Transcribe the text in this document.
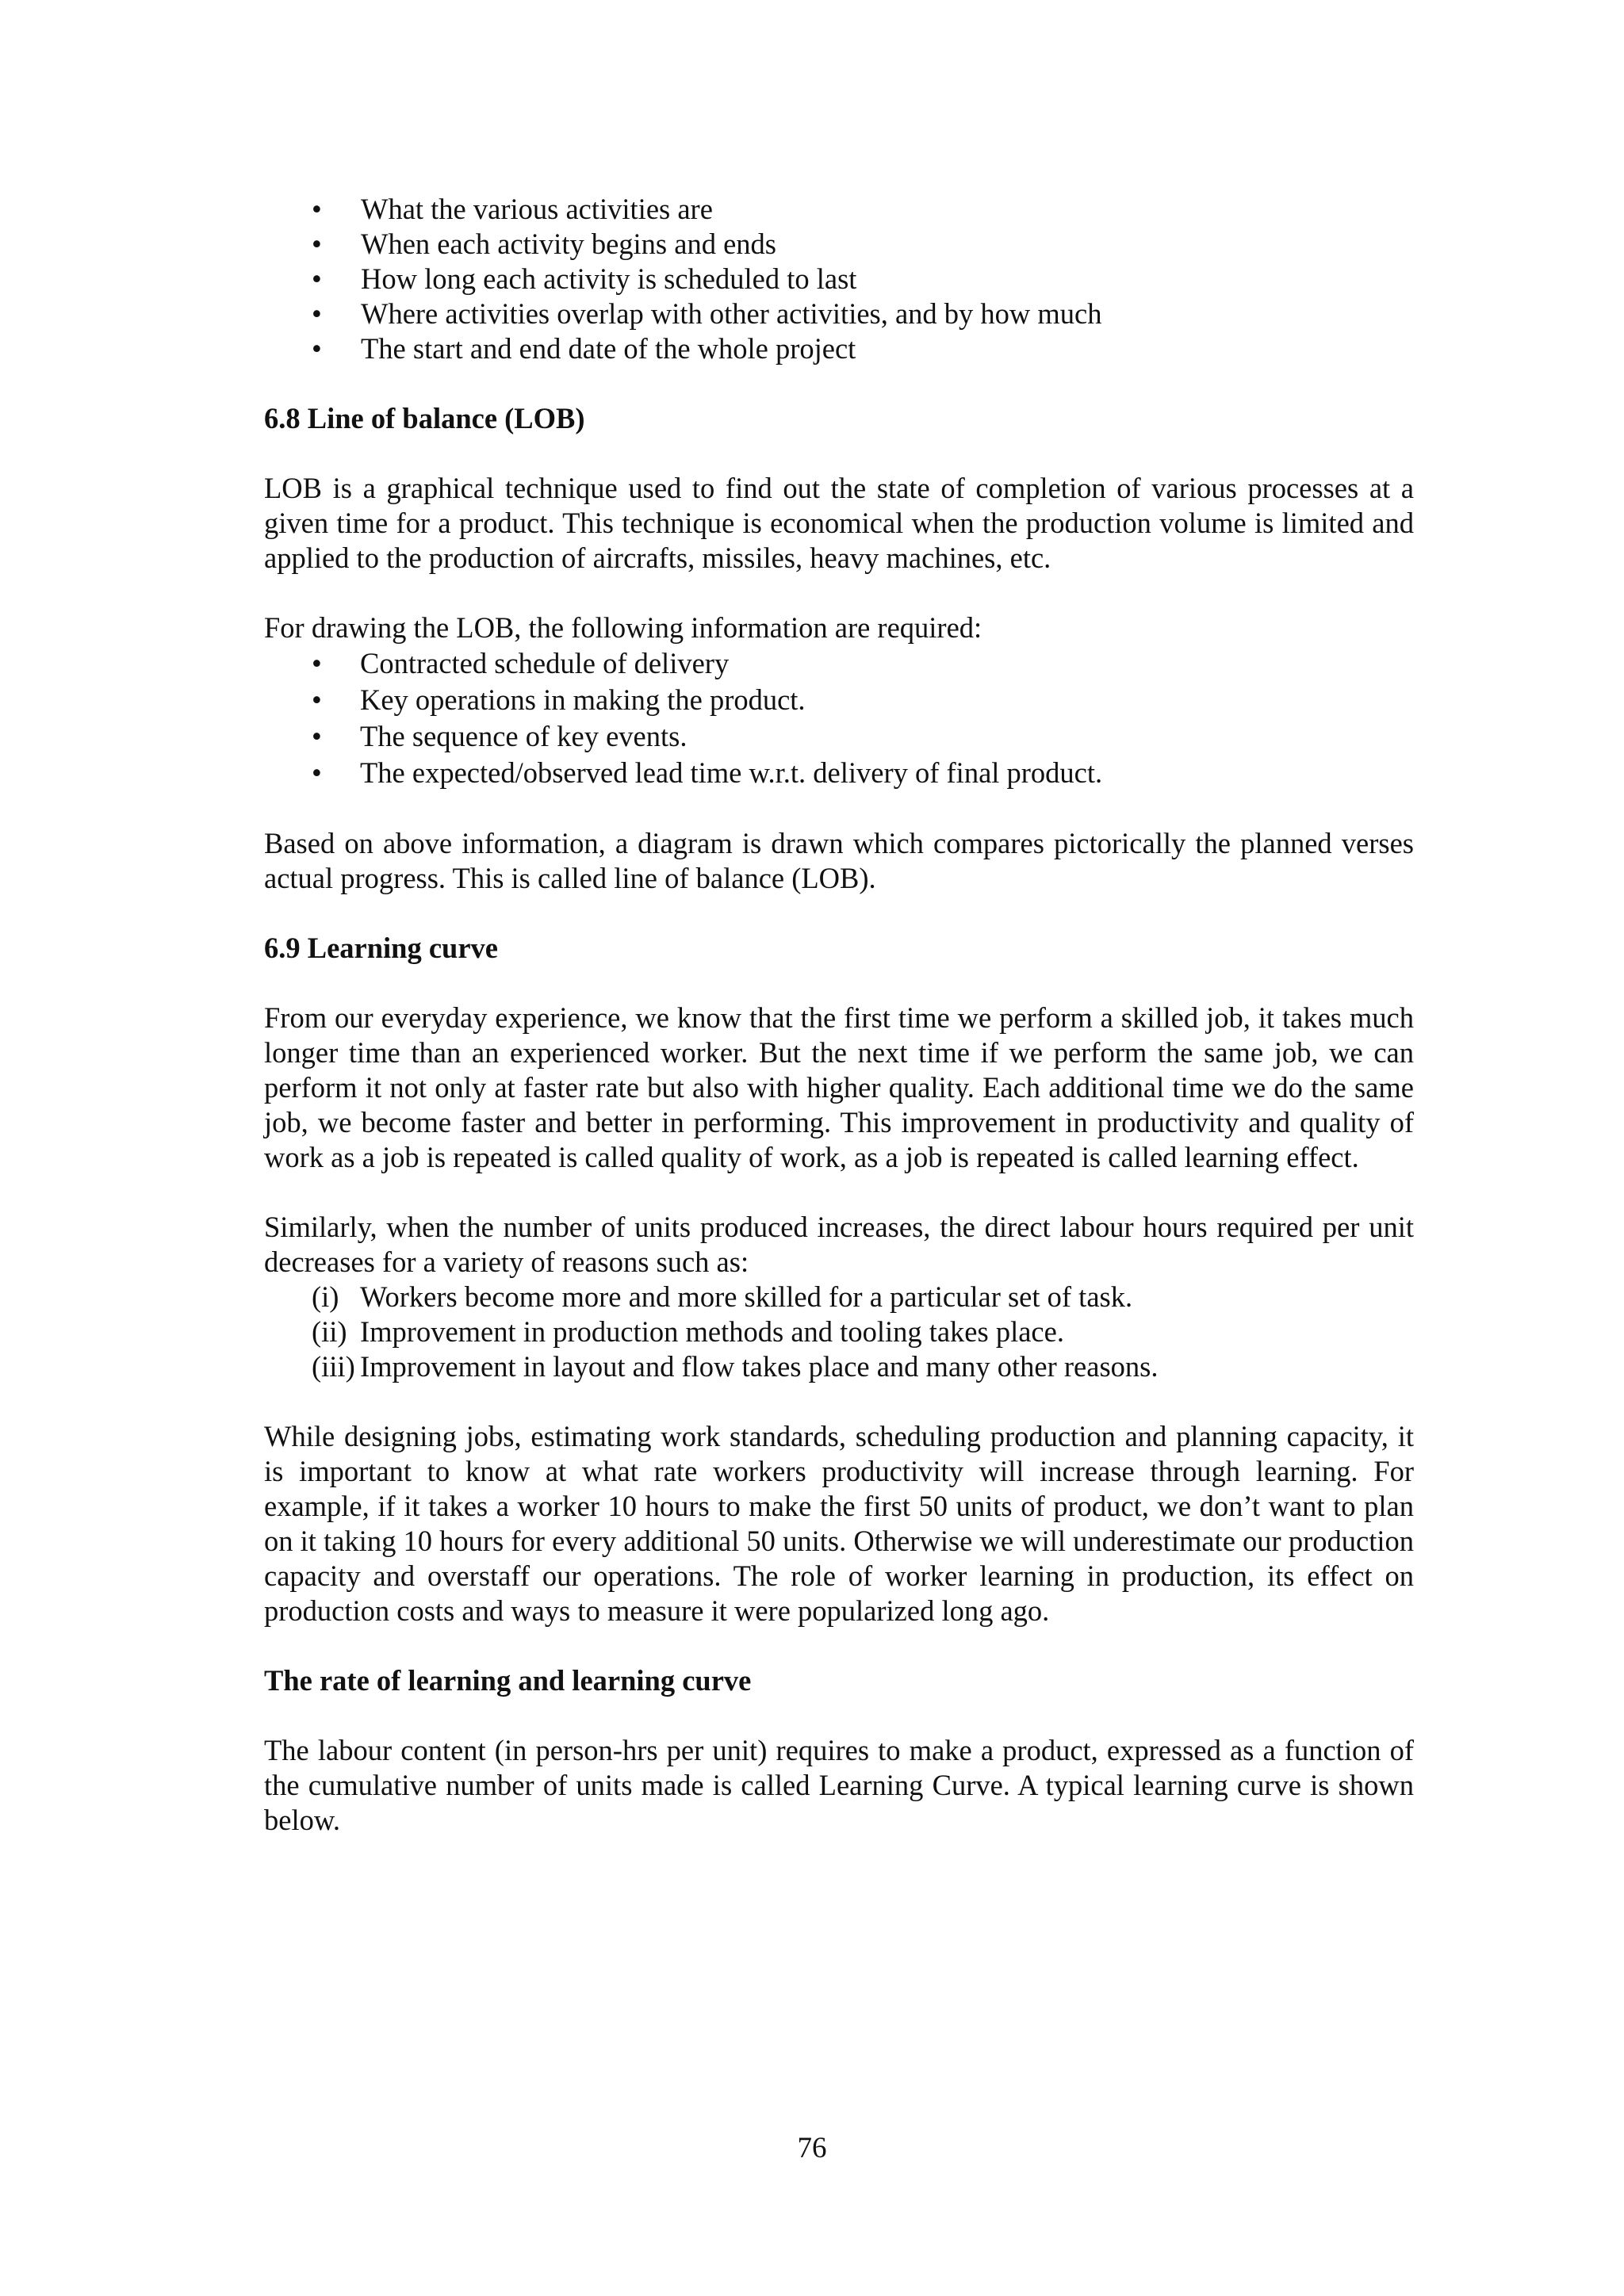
• What the various activities are
• When each activity begins and ends
• How long each activity is scheduled to last
• Where activities overlap with other activities, and by how much
• The start and end date of the whole project

6.8 Line of balance (LOB)

LOB is a graphical technique used to find out the state of completion of various processes at a given time for a product. This technique is economical when the production volume is limited and applied to the production of aircrafts, missiles, heavy machines, etc.

For drawing the LOB, the following information are required:

• Contracted schedule of delivery
• Key operations in making the product.
• The sequence of key events.
• The expected/observed lead time w.r.t. delivery of final product.

Based on above information, a diagram is drawn which compares pictorically the planned verses actual progress. This is called line of balance (LOB).

6.9 Learning curve

From our everyday experience, we know that the first time we perform a skilled job, it takes much longer time than an experienced worker. But the next time if we perform the same job, we can perform it not only at faster rate but also with higher quality. Each additional time we do the same job, we become faster and better in performing. This improvement in productivity and quality of work as a job is repeated is called quality of work, as a job is repeated is called learning effect.

Similarly, when the number of units produced increases, the direct labour hours required per unit decreases for a variety of reasons such as:

(i) Workers become more and more skilled for a particular set of task.
(ii) Improvement in production methods and tooling takes place.
(iii) Improvement in layout and flow takes place and many other reasons.

While designing jobs, estimating work standards, scheduling production and planning capacity, it is important to know at what rate workers productivity will increase through learning. For example, if it takes a worker 10 hours to make the first 50 units of product, we don’t want to plan on it taking 10 hours for every additional 50 units. Otherwise we will underestimate our production capacity and overstaff our operations. The role of worker learning in production, its effect on production costs and ways to measure it were popularized long ago.

The rate of learning and learning curve

The labour content (in person-hrs per unit) requires to make a product, expressed as a function of the cumulative number of units made is called Learning Curve. A typical learning curve is shown below.

76
